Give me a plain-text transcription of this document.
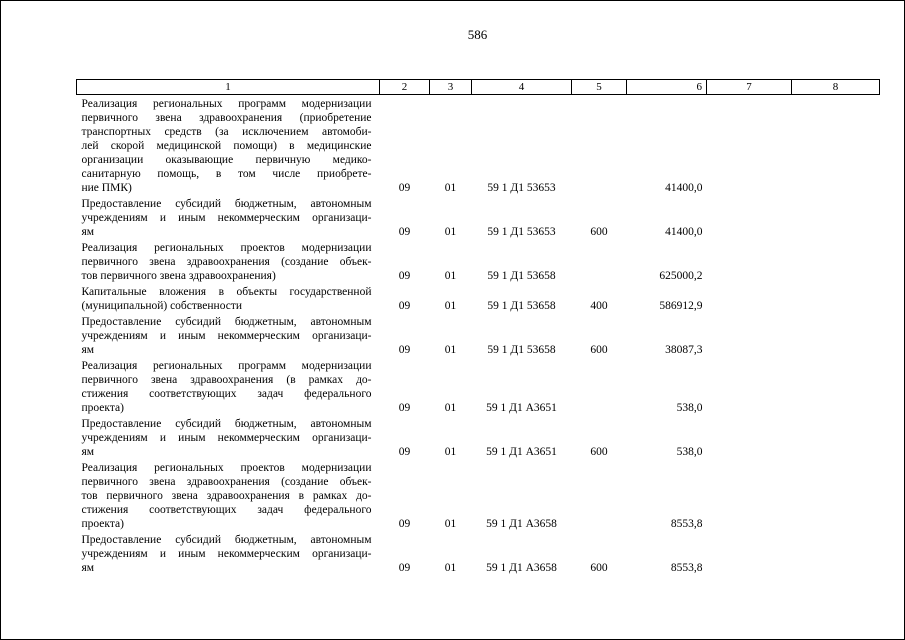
586
1	2	3	4	5	6	7	8

Реализация региональных программ модернизации
первичного звена здравоохранения (приобретение
транспортных средств (за исключением автомоби-
лей скорой медицинской помощи) в медицинские
организации оказывающие первичную медико-
санитарную помощь, в том числе приобрете-
ние ПМК)	09	01	59 1 Д1 53653		41400,0		

Предоставление субсидий бюджетным, автономным
учреждениям и иным некоммерческим организаци-
ям	09	01	59 1 Д1 53653	600	41400,0		

Реализация региональных проектов модернизации
первичного звена здравоохранения (создание объек-
тов первичного звена здравоохранения)	09	01	59 1 Д1 53658		625000,2		

Капитальные вложения в объекты государственной
(муниципальной) собственности	09	01	59 1 Д1 53658	400	586912,9		

Предоставление субсидий бюджетным, автономным
учреждениям и иным некоммерческим организаци-
ям	09	01	59 1 Д1 53658	600	38087,3		

Реализация региональных программ модернизации
первичного звена здравоохранения (в рамках до-
стижения соответствующих задач федерального
проекта)	09	01	59 1 Д1 А3651		538,0		

Предоставление субсидий бюджетным, автономным
учреждениям и иным некоммерческим организаци-
ям	09	01	59 1 Д1 А3651	600	538,0		

Реализация региональных проектов модернизации
первичного звена здравоохранения (создание объек-
тов первичного звена здравоохранения в рамках до-
стижения соответствующих задач федерального
проекта)	09	01	59 1 Д1 А3658		8553,8		

Предоставление субсидий бюджетным, автономным
учреждениям и иным некоммерческим организаци-
ям	09	01	59 1 Д1 А3658	600	8553,8		
